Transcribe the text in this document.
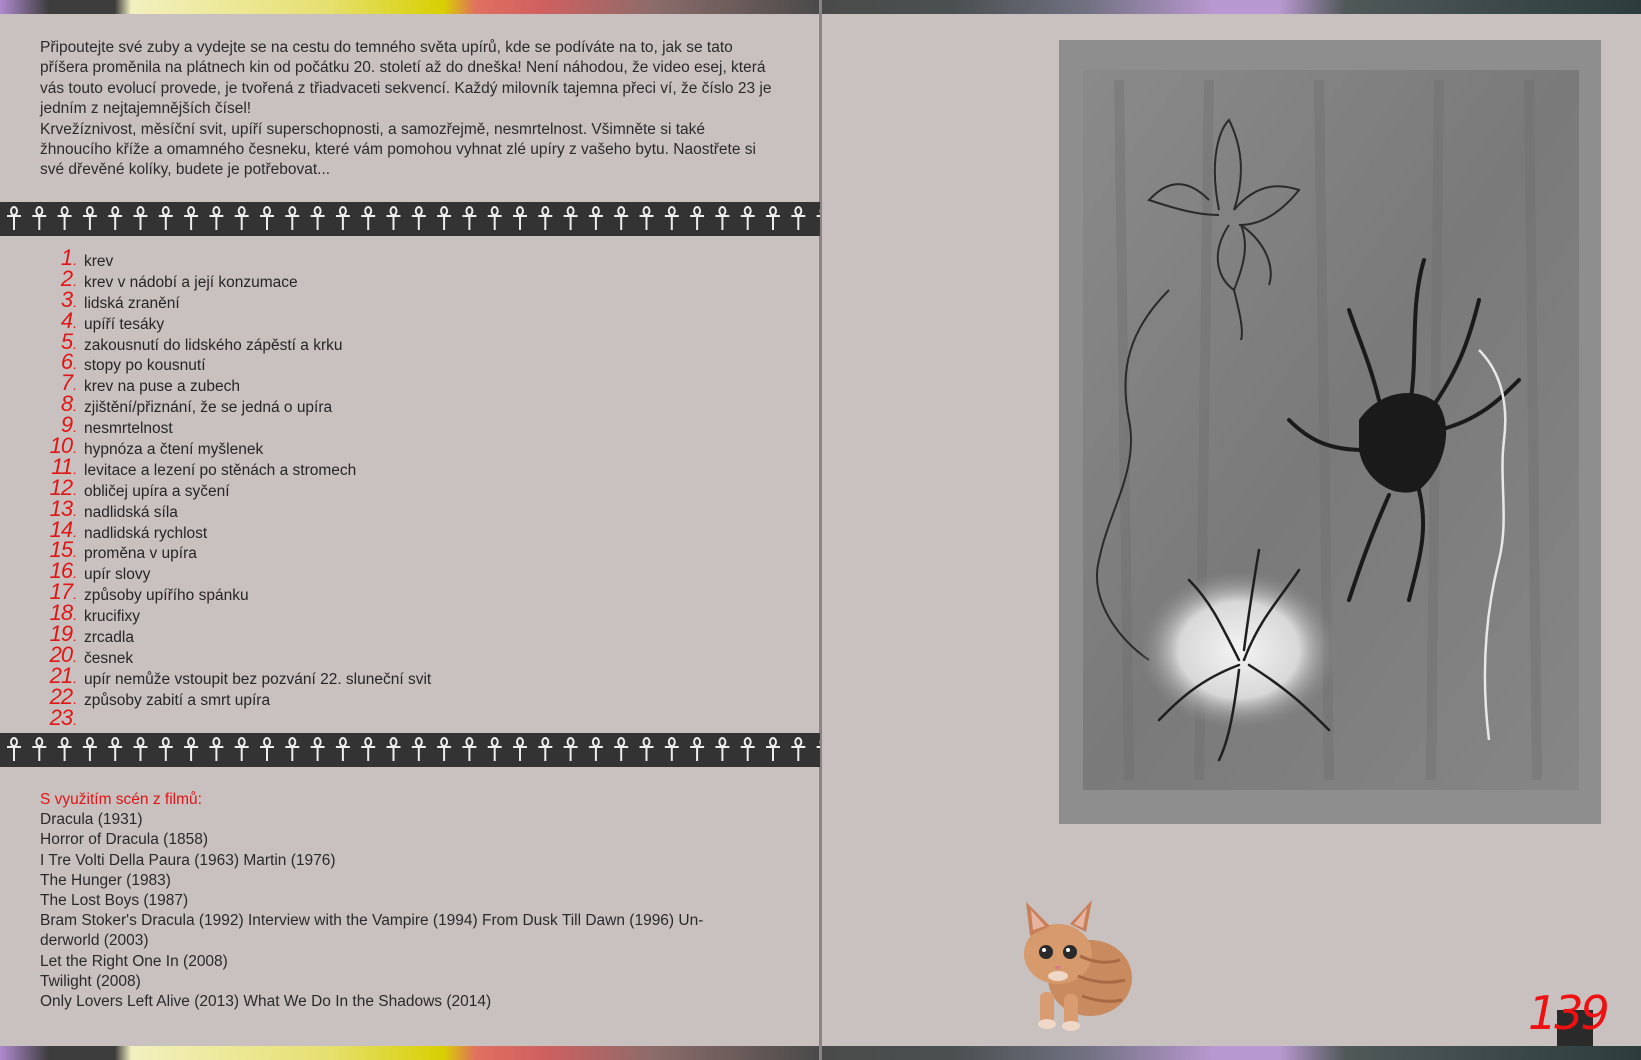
Připoutejte své zuby a vydejte se na cestu do temného světa upírů, kde se podíváte na to, jak se tato příšera proměnila na plátnech kin od počátku 20. století až do dneška! Není náhodou, že video esej, která vás touto evolucí provede, je tvořená z třiadvaceti sekvencí. Každý milovník tajemna přeci ví, že číslo 23 je jedním z nejtajemnějších čísel!

Krvežíznivost, měsíční svit, upíří superschopnosti, a samozřejmě, nesmrtelnost. Všimněte si také žhnoucího kříže a omamného česneku, které vám pomohou vyhnat zlé upíry z vašeho bytu. Naostřete si své dřevěné kolíky, budete je potřebovat...

1 . krev
2 . krev v nádobí a její konzumace
3 . lidská zranění
4 . upíří tesáky
5 . zakousnutí do lidského zápěstí a krku
6 . stopy po kousnutí
7 . krev na puse a zubech
8 . zjištění/přiznání, že se jedná o upíra
9 . nesmrtelnost
10 . hypnóza a čtení myšlenek
11 . levitace a lezení po stěnách a stromech
12 . obličej upíra a syčení
13 . nadlidská síla
14 . nadlidská rychlost
15 . proměna v upíra
16 . upír slovy
17 . způsoby upířího spánku
18 . krucifixy
19 . zrcadla
20 . česnek
21 . upír nemůže vstoupit bez pozvání 22. sluneční svit
22 . způsoby zabití a smrt upíra
23 .

S využitím scén z filmů:

Dracula (1931)

Horror of Dracula (1858)

I Tre Volti Della Paura (1963) Martin (1976)

The Hunger (1983)

The Lost Boys (1987)

Bram Stoker's Dracula (1992) Interview with the Vampire (1994) From Dusk Till Dawn (1996) Un-

derworld (2003)

Let the Right One In (2008)

Twilight (2008)

Only Lovers Left Alive (2013) What We Do In the Shadows (2014)	139
